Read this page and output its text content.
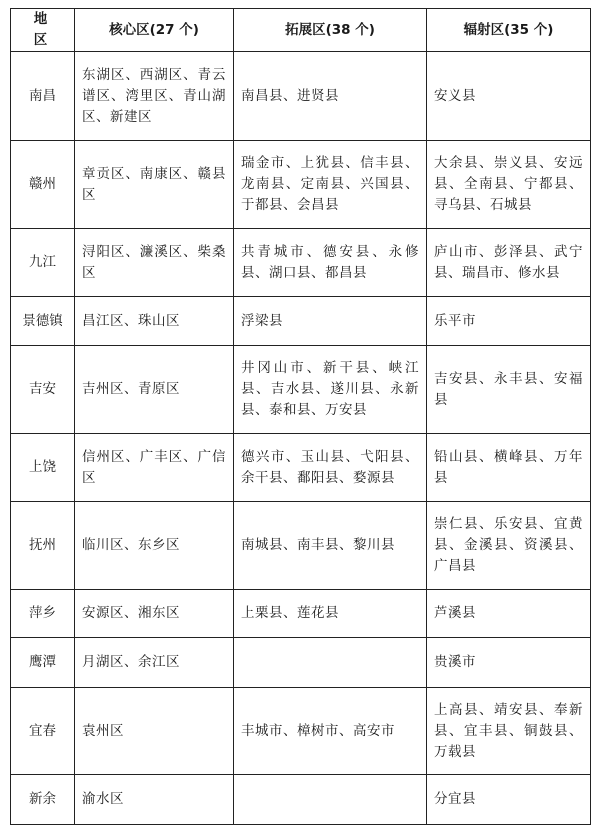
地 区	核心区(27 个)	拓展区(38 个)	辐射区(35 个)
南昌	东湖区、西湖区、青云谱区、湾里区、青山湖区、新建区	南昌县、进贤县	安义县
赣州	章贡区、南康区、赣县区	瑞金市、上犹县、信丰县、龙南县、定南县、兴国县、于都县、会昌县	大余县、崇义县、安远县、全南县、宁都县、寻乌县、石城县
九江	浔阳区、濂溪区、柴桑区	共青城市、德安县、永修县、湖口县、都昌县	庐山市、彭泽县、武宁县、瑞昌市、修水县
景德镇	昌江区、珠山区	浮梁县	乐平市
吉安	吉州区、青原区	井冈山市、新干县、峡江县、吉水县、遂川县、永新县、泰和县、万安县	吉安县、永丰县、安福县
上饶	信州区、广丰区、广信区	德兴市、玉山县、弋阳县、余干县、鄱阳县、婺源县	铅山县、横峰县、万年县
抚州	临川区、东乡区	南城县、南丰县、黎川县	崇仁县、乐安县、宜黄县、金溪县、资溪县、广昌县
萍乡	安源区、湘东区	上栗县、莲花县	芦溪县
鹰潭	月湖区、余江区		贵溪市
宜春	袁州区	丰城市、樟树市、高安市	上高县、靖安县、奉新县、宜丰县、铜鼓县、万载县
新余	渝水区		分宜县
